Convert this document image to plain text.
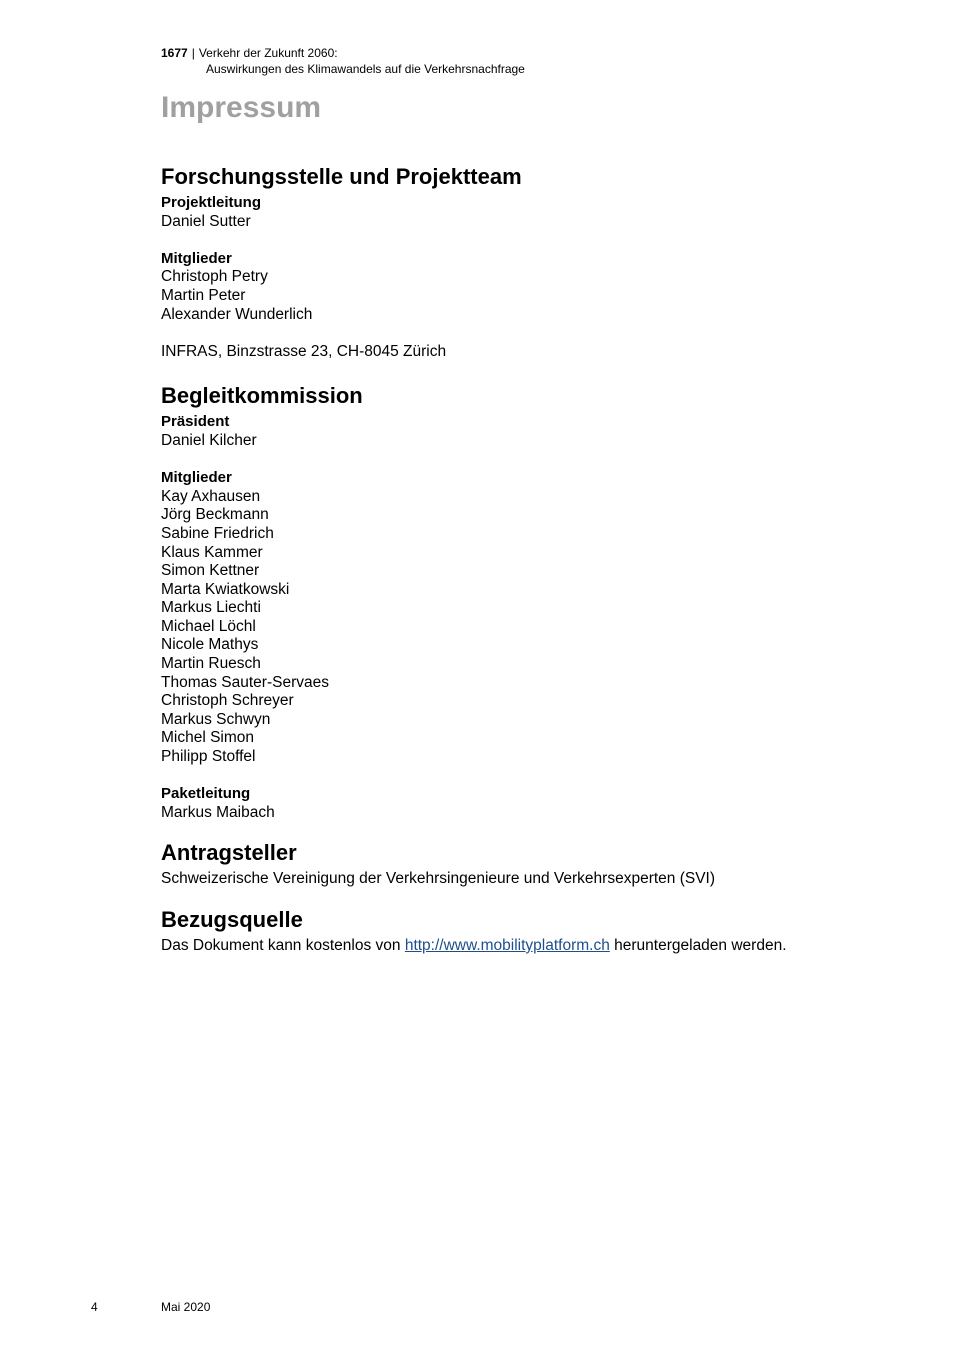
1677 | Verkehr der Zukunft 2060:
Auswirkungen des Klimawandels auf die Verkehrsnachfrage
Impressum
Forschungsstelle und Projektteam
Projektleitung
Daniel Sutter
Mitglieder
Christoph Petry
Martin Peter
Alexander Wunderlich
INFRAS, Binzstrasse 23, CH-8045 Zürich
Begleitkommission
Präsident
Daniel Kilcher
Mitglieder
Kay Axhausen
Jörg Beckmann
Sabine Friedrich
Klaus Kammer
Simon Kettner
Marta Kwiatkowski
Markus Liechti
Michael Löchl
Nicole Mathys
Martin Ruesch
Thomas Sauter-Servaes
Christoph Schreyer
Markus Schwyn
Michel Simon
Philipp Stoffel
Paketleitung
Markus Maibach
Antragsteller
Schweizerische Vereinigung der Verkehrsingenieure und Verkehrsexperten (SVI)
Bezugsquelle
Das Dokument kann kostenlos von http://www.mobilityplatform.ch heruntergeladen werden.
4	Mai 2020
